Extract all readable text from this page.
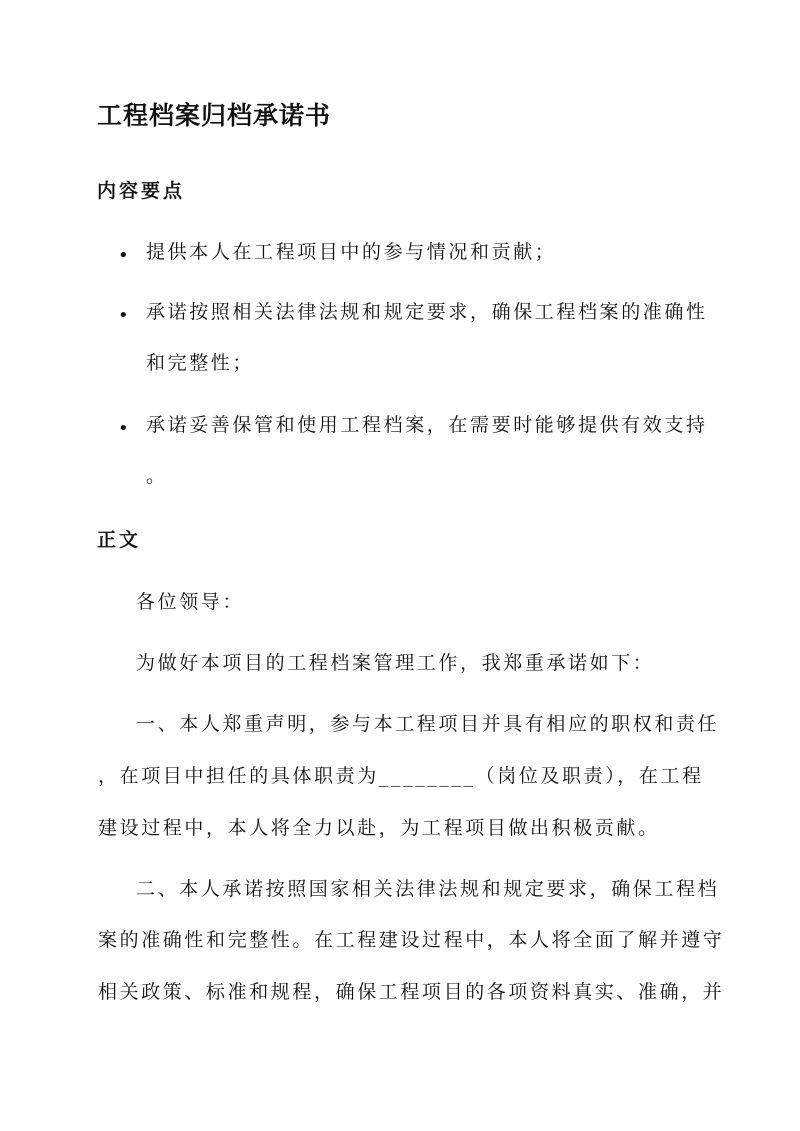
工程档案归档承诺书
内容要点
• 提供本人在工程项目中的参与情况和贡献；
• 承诺按照相关法律法规和规定要求，确保工程档案的准确性
和完整性；
• 承诺妥善保管和使用工程档案，在需要时能够提供有效支持
。
正文

各位领导：

为做好本项目的工程档案管理工作，我郑重承诺如下：

一、本人郑重声明，参与本工程项目并具有相应的职权和责任
，在项目中担任的具体职责为________（岗位及职责），在工程
建设过程中，本人将全力以赴，为工程项目做出积极贡献。
二、本人承诺按照国家相关法律法规和规定要求，确保工程档
案的准确性和完整性。在工程建设过程中，本人将全面了解并遵守
相关政策、标准和规程，确保工程项目的各项资料真实、准确，并
